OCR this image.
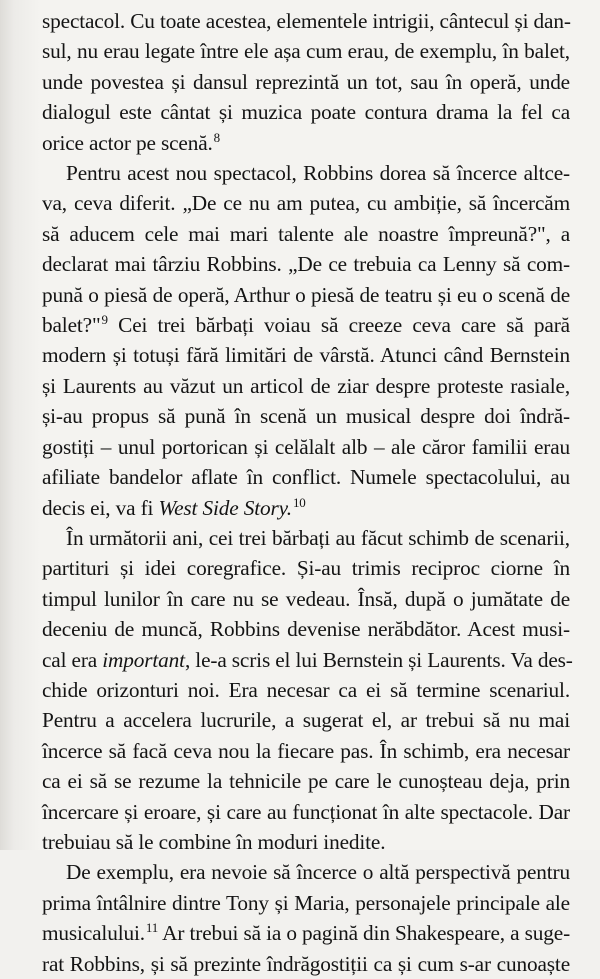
spectacol. Cu toate acestea, elementele intrigii, cântecul și dan-
sul, nu erau legate între ele așa cum erau, de exemplu, în balet,
unde povestea și dansul reprezintă un tot, sau în operă, unde
dialogul este cântat și muzica poate contura drama la fel ca
orice actor pe scenă.$^8$

Pentru acest nou spectacol, Robbins dorea să încerce altce-
va, ceva diferit. „De ce nu am putea, cu ambiție, să încercăm
să aducem cele mai mari talente ale noastre împreună?", a
declarat mai târziu Robbins. „De ce trebuia ca Lenny să com-
pună o piesă de operă, Arthur o piesă de teatru și eu o scenă de
balet?"$^9$ Cei trei bărbați voiau să creeze ceva care să pară
modern și totuși fără limitări de vârstă. Atunci când Bernstein
și Laurents au văzut un articol de ziar despre proteste rasiale,
și-au propus să pună în scenă un musical despre doi îndră-
gostiți – unul portorican și celălalt alb – ale căror familii erau
afiliate bandelor aflate în conflict. Numele spectacolului, au
decis ei, va fi West Side Story.$^{10}$

În următorii ani, cei trei bărbați au făcut schimb de scenarii,
partituri și idei coregrafice. Și-au trimis reciproc ciorne în
timpul lunilor în care nu se vedeau. Însă, după o jumătate de
deceniu de muncă, Robbins devenise nerăbdător. Acest musi-
cal era important, le-a scris el lui Bernstein și Laurents. Va des-
chide orizonturi noi. Era necesar ca ei să termine scenariul.
Pentru a accelera lucrurile, a sugerat el, ar trebui să nu mai
încerce să facă ceva nou la fiecare pas. În schimb, era necesar
ca ei să se rezume la tehnicile pe care le cunoșteau deja, prin
încercare și eroare, și care au funcționat în alte spectacole. Dar
trebuiau să le combine în moduri inedite.

De exemplu, era nevoie să încerce o altă perspectivă pentru
prima întâlnire dintre Tony și Maria, personajele principale ale
musicalului.$^{11}$ Ar trebui să ia o pagină din Shakespeare, a suge-
rat Robbins, și să prezinte îndrăgostiții ca și cum s-ar cunoaște
